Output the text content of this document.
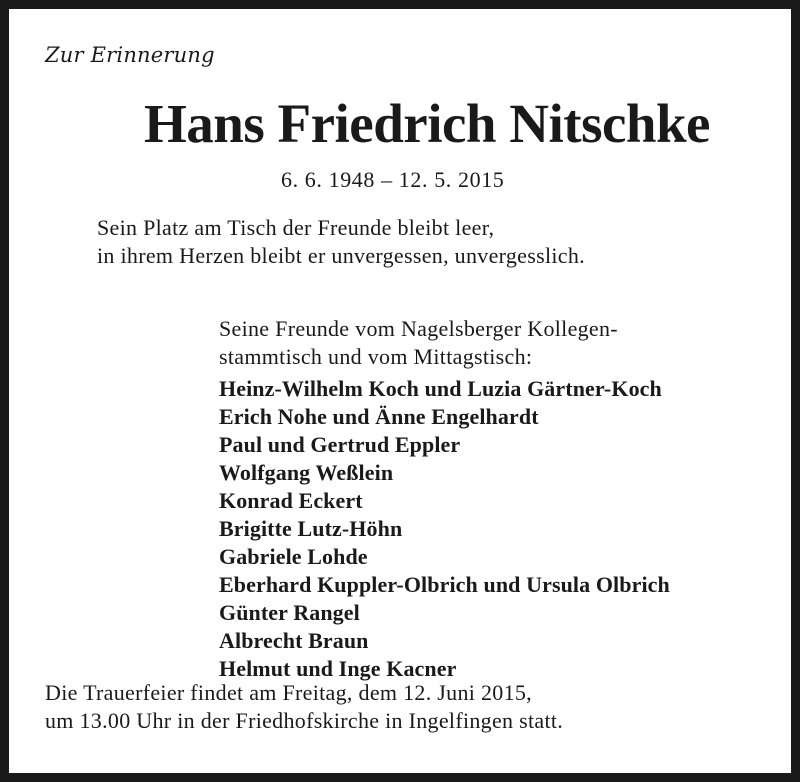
Zur Erinnerung

Hans Friedrich Nitschke

6. 6. 1948 – 12. 5. 2015

Sein Platz am Tisch der Freunde bleibt leer,
in ihrem Herzen bleibt er unvergessen, unvergesslich.

Seine Freunde vom Nagelsberger Kollegen-
stammtisch und vom Mittagstisch:

Heinz-Wilhelm Koch und Luzia Gärtner-Koch
Erich Nohe und Änne Engelhardt
Paul und Gertrud Eppler
Wolfgang Weßlein
Konrad Eckert
Brigitte Lutz-Höhn
Gabriele Lohde
Eberhard Kuppler-Olbrich und Ursula Olbrich
Günter Rangel
Albrecht Braun
Helmut und Inge Kacner

Die Trauerfeier findet am Freitag, dem 12. Juni 2015,
um 13.00 Uhr in der Friedhofskirche in Ingelfingen statt.
